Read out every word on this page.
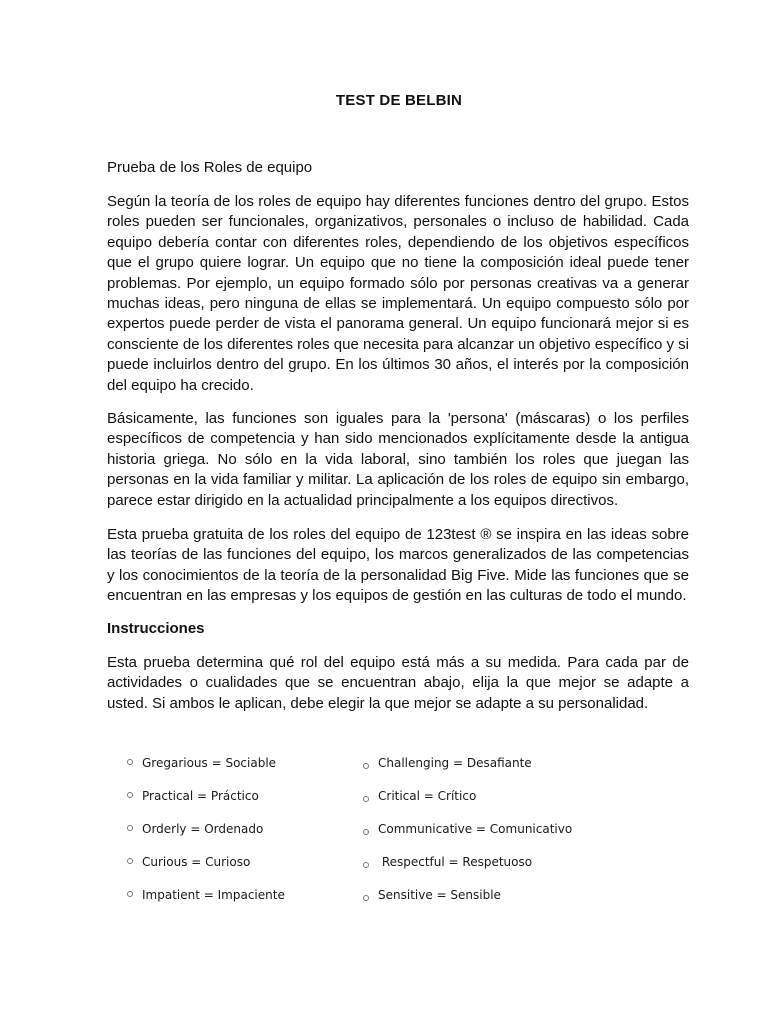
TEST DE BELBIN
Prueba de los Roles de equipo

Según la teoría de los roles de equipo hay diferentes funciones dentro del grupo. Estos roles pueden ser funcionales, organizativos, personales o incluso de habilidad. Cada equipo debería contar con diferentes roles, dependiendo de los objetivos específicos que el grupo quiere lograr. Un equipo que no tiene la composición ideal puede tener problemas. Por ejemplo, un equipo formado sólo por personas creativas va a generar muchas ideas, pero ninguna de ellas se implementará. Un equipo compuesto sólo por expertos puede perder de vista el panorama general. Un equipo funcionará mejor si es consciente de los diferentes roles que necesita para alcanzar un objetivo específico y si puede incluirlos dentro del grupo. En los últimos 30 años, el interés por la composición del equipo ha crecido.

Básicamente, las funciones son iguales para la 'persona' (máscaras) o los perfiles específicos de competencia y han sido mencionados explícitamente desde la antigua historia griega. No sólo en la vida laboral, sino también los roles que juegan las personas en la vida familiar y militar. La aplicación de los roles de equipo sin embargo, parece estar dirigido en la actualidad principalmente a los equipos directivos.

Esta prueba gratuita de los roles del equipo de 123test ® se inspira en las ideas sobre las teorías de las funciones del equipo, los marcos generalizados de las competencias y los conocimientos de la teoría de la personalidad Big Five. Mide las funciones que se encuentran en las empresas y los equipos de gestión en las culturas de todo el mundo.

Instrucciones

Esta prueba determina qué rol del equipo está más a su medida. Para cada par de actividades o cualidades que se encuentran abajo, elija la que mejor se adapte a usted. Si ambos le aplican, debe elegir la que mejor se adapte a su personalidad.

Gregarious = Sociable	Challenging = Desafiante
Practical = Práctico	Critical = Crítico
Orderly = Ordenado	Communicative = Comunicativo
Curious = Curioso	Respectful = Respetuoso
Impatient = Impaciente	Sensitive = Sensible
